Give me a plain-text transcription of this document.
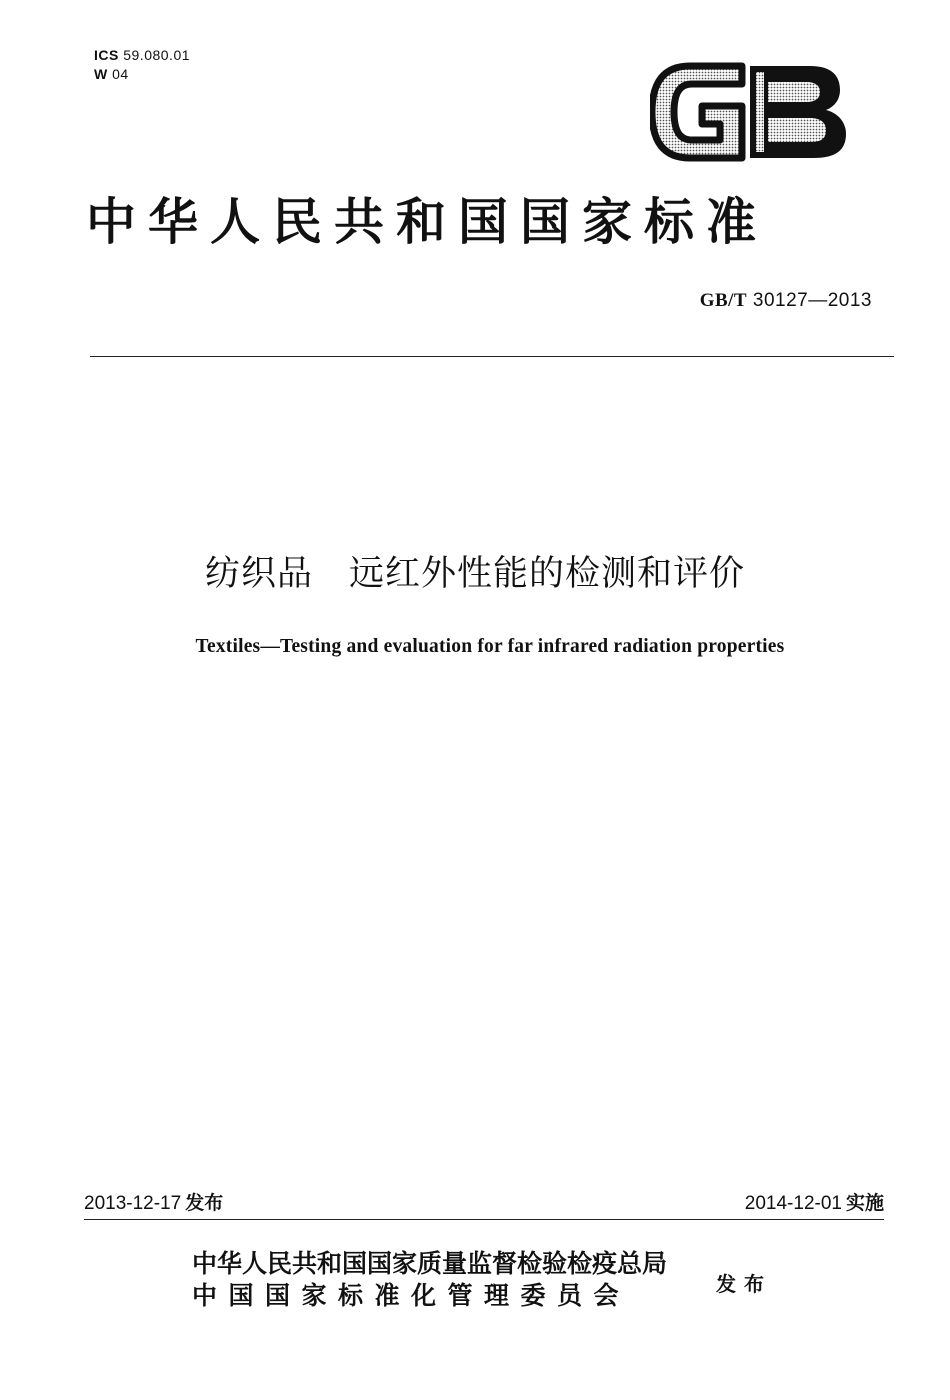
ICS 59.080.01
W 04
中华人民共和国国家标准
GB/T 30127—2013
纺织品　远红外性能的检测和评价
Textiles—Testing and evaluation for far infrared radiation properties
2013-12-17 发布	2014-12-01 实施
中华人民共和国国家质量监督检验检疫总局
中国国家标准化管理委员会	发布
